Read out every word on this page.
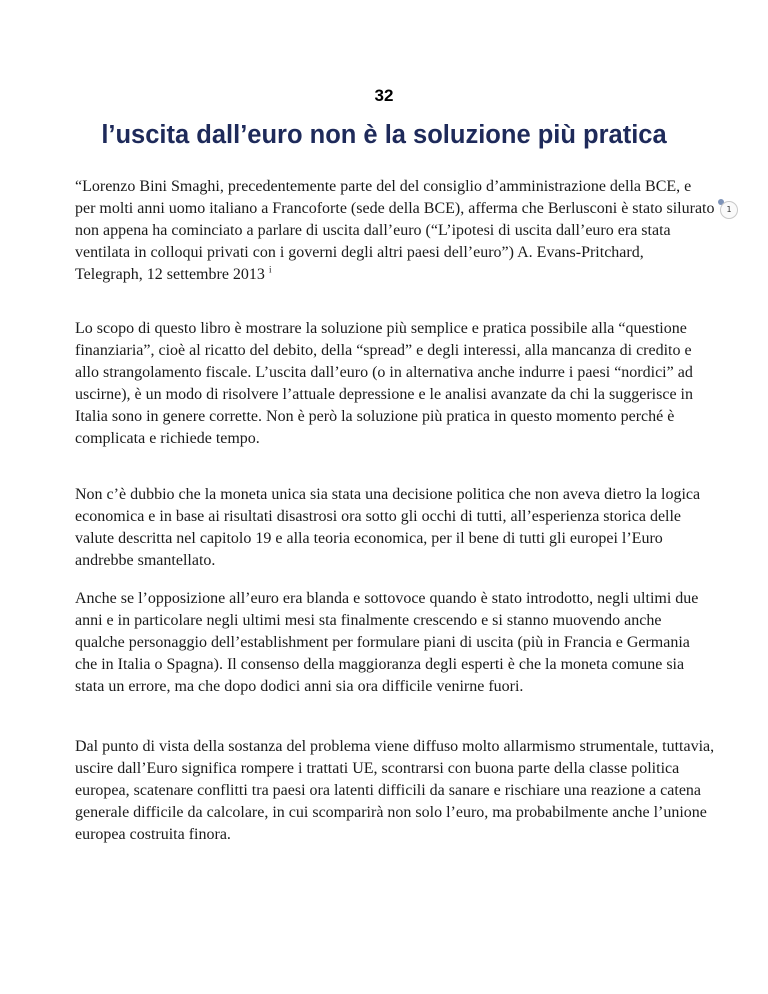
32
l’uscita dall’euro non è la soluzione più pratica

“Lorenzo Bini Smaghi, precedentemente parte del del consiglio d’amministrazione della BCE, e per molti anni uomo italiano a Francoforte (sede della BCE), afferma che Berlusconi è stato silurato non appena ha cominciato a parlare di uscita dall’euro (“L’ipotesi di uscita dall’euro era stata ventilata in colloqui privati con i governi degli altri paesi dell’euro”) A. Evans-Pritchard, Telegraph, 12 settembre 2013 $^i$

1

Lo scopo di questo libro è mostrare la soluzione più semplice e pratica possibile alla “questione finanziaria”, cioè al ricatto del debito, della “spread” e degli interessi, alla mancanza di credito e allo strangolamento fiscale. L’uscita dall’euro (o in alternativa anche indurre i paesi “nordici” ad uscirne), è un modo di risolvere l’attuale depressione e le analisi avanzate da chi la suggerisce in Italia sono in genere corrette. Non è però la soluzione più pratica in questo momento perché è complicata e richiede tempo.

Non c’è dubbio che la moneta unica sia stata una decisione politica che non aveva dietro la logica economica e in base ai risultati disastrosi ora sotto gli occhi di tutti, all’esperienza storica delle valute descritta nel capitolo 19 e alla teoria economica, per il bene di tutti gli europei l’Euro andrebbe smantellato.

Anche se l’opposizione all’euro era blanda e sottovoce quando è stato introdotto, negli ultimi due anni e in particolare negli ultimi mesi sta finalmente crescendo e si stanno muovendo anche qualche personaggio dell’establishment per formulare piani di uscita (più in Francia e Germania che in Italia o Spagna). Il consenso della maggioranza degli esperti è che la moneta comune sia stata un errore, ma che dopo dodici anni sia ora difficile venirne fuori.

Dal punto di vista della sostanza del problema viene diffuso molto allarmismo strumentale, tuttavia, uscire dall’Euro significa rompere i trattati UE, scontrarsi con buona parte della classe politica europea, scatenare conflitti tra paesi ora latenti difficili da sanare e rischiare una reazione a catena generale difficile da calcolare, in cui scomparirà non solo l’euro, ma probabilmente anche l’unione europea costruita finora.
